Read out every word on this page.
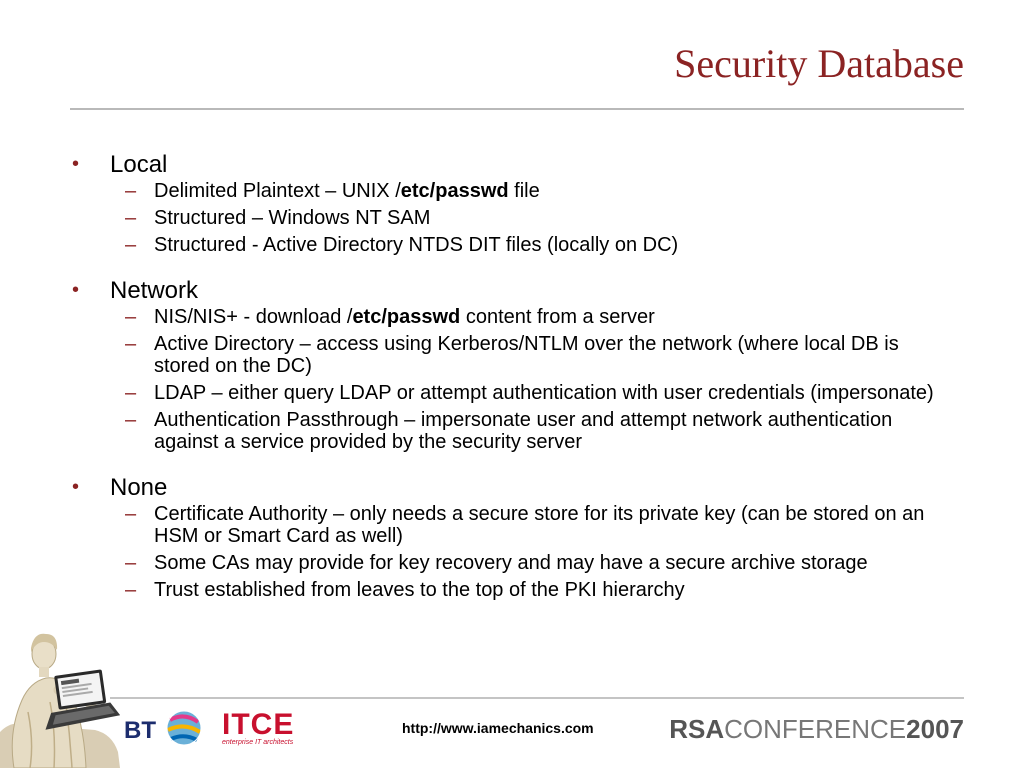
Security Database
• Local
– Delimited Plaintext – UNIX /etc/passwd file
– Structured – Windows NT SAM
– Structured - Active Directory NTDS DIT files (locally on DC)
• Network
– NIS/NIS+ - download /etc/passwd content from a server
– Active Directory – access using Kerberos/NTLM over the network (where local DB is stored on the DC)
– LDAP – either query LDAP or attempt authentication with user credentials (impersonate)
– Authentication Passthrough – impersonate user and attempt network authentication against a service provided by the security server
• None
– Certificate Authority – only needs a secure store for its private key (can be stored on an HSM or Smart Card as well)
– Some CAs may provide for key recovery and may have a secure archive storage
– Trust established from leaves to the top of the PKI hierarchy
BT ITCE
enterprise IT architects
http://www.iamechanics.com	RSACONFERENCE2007
